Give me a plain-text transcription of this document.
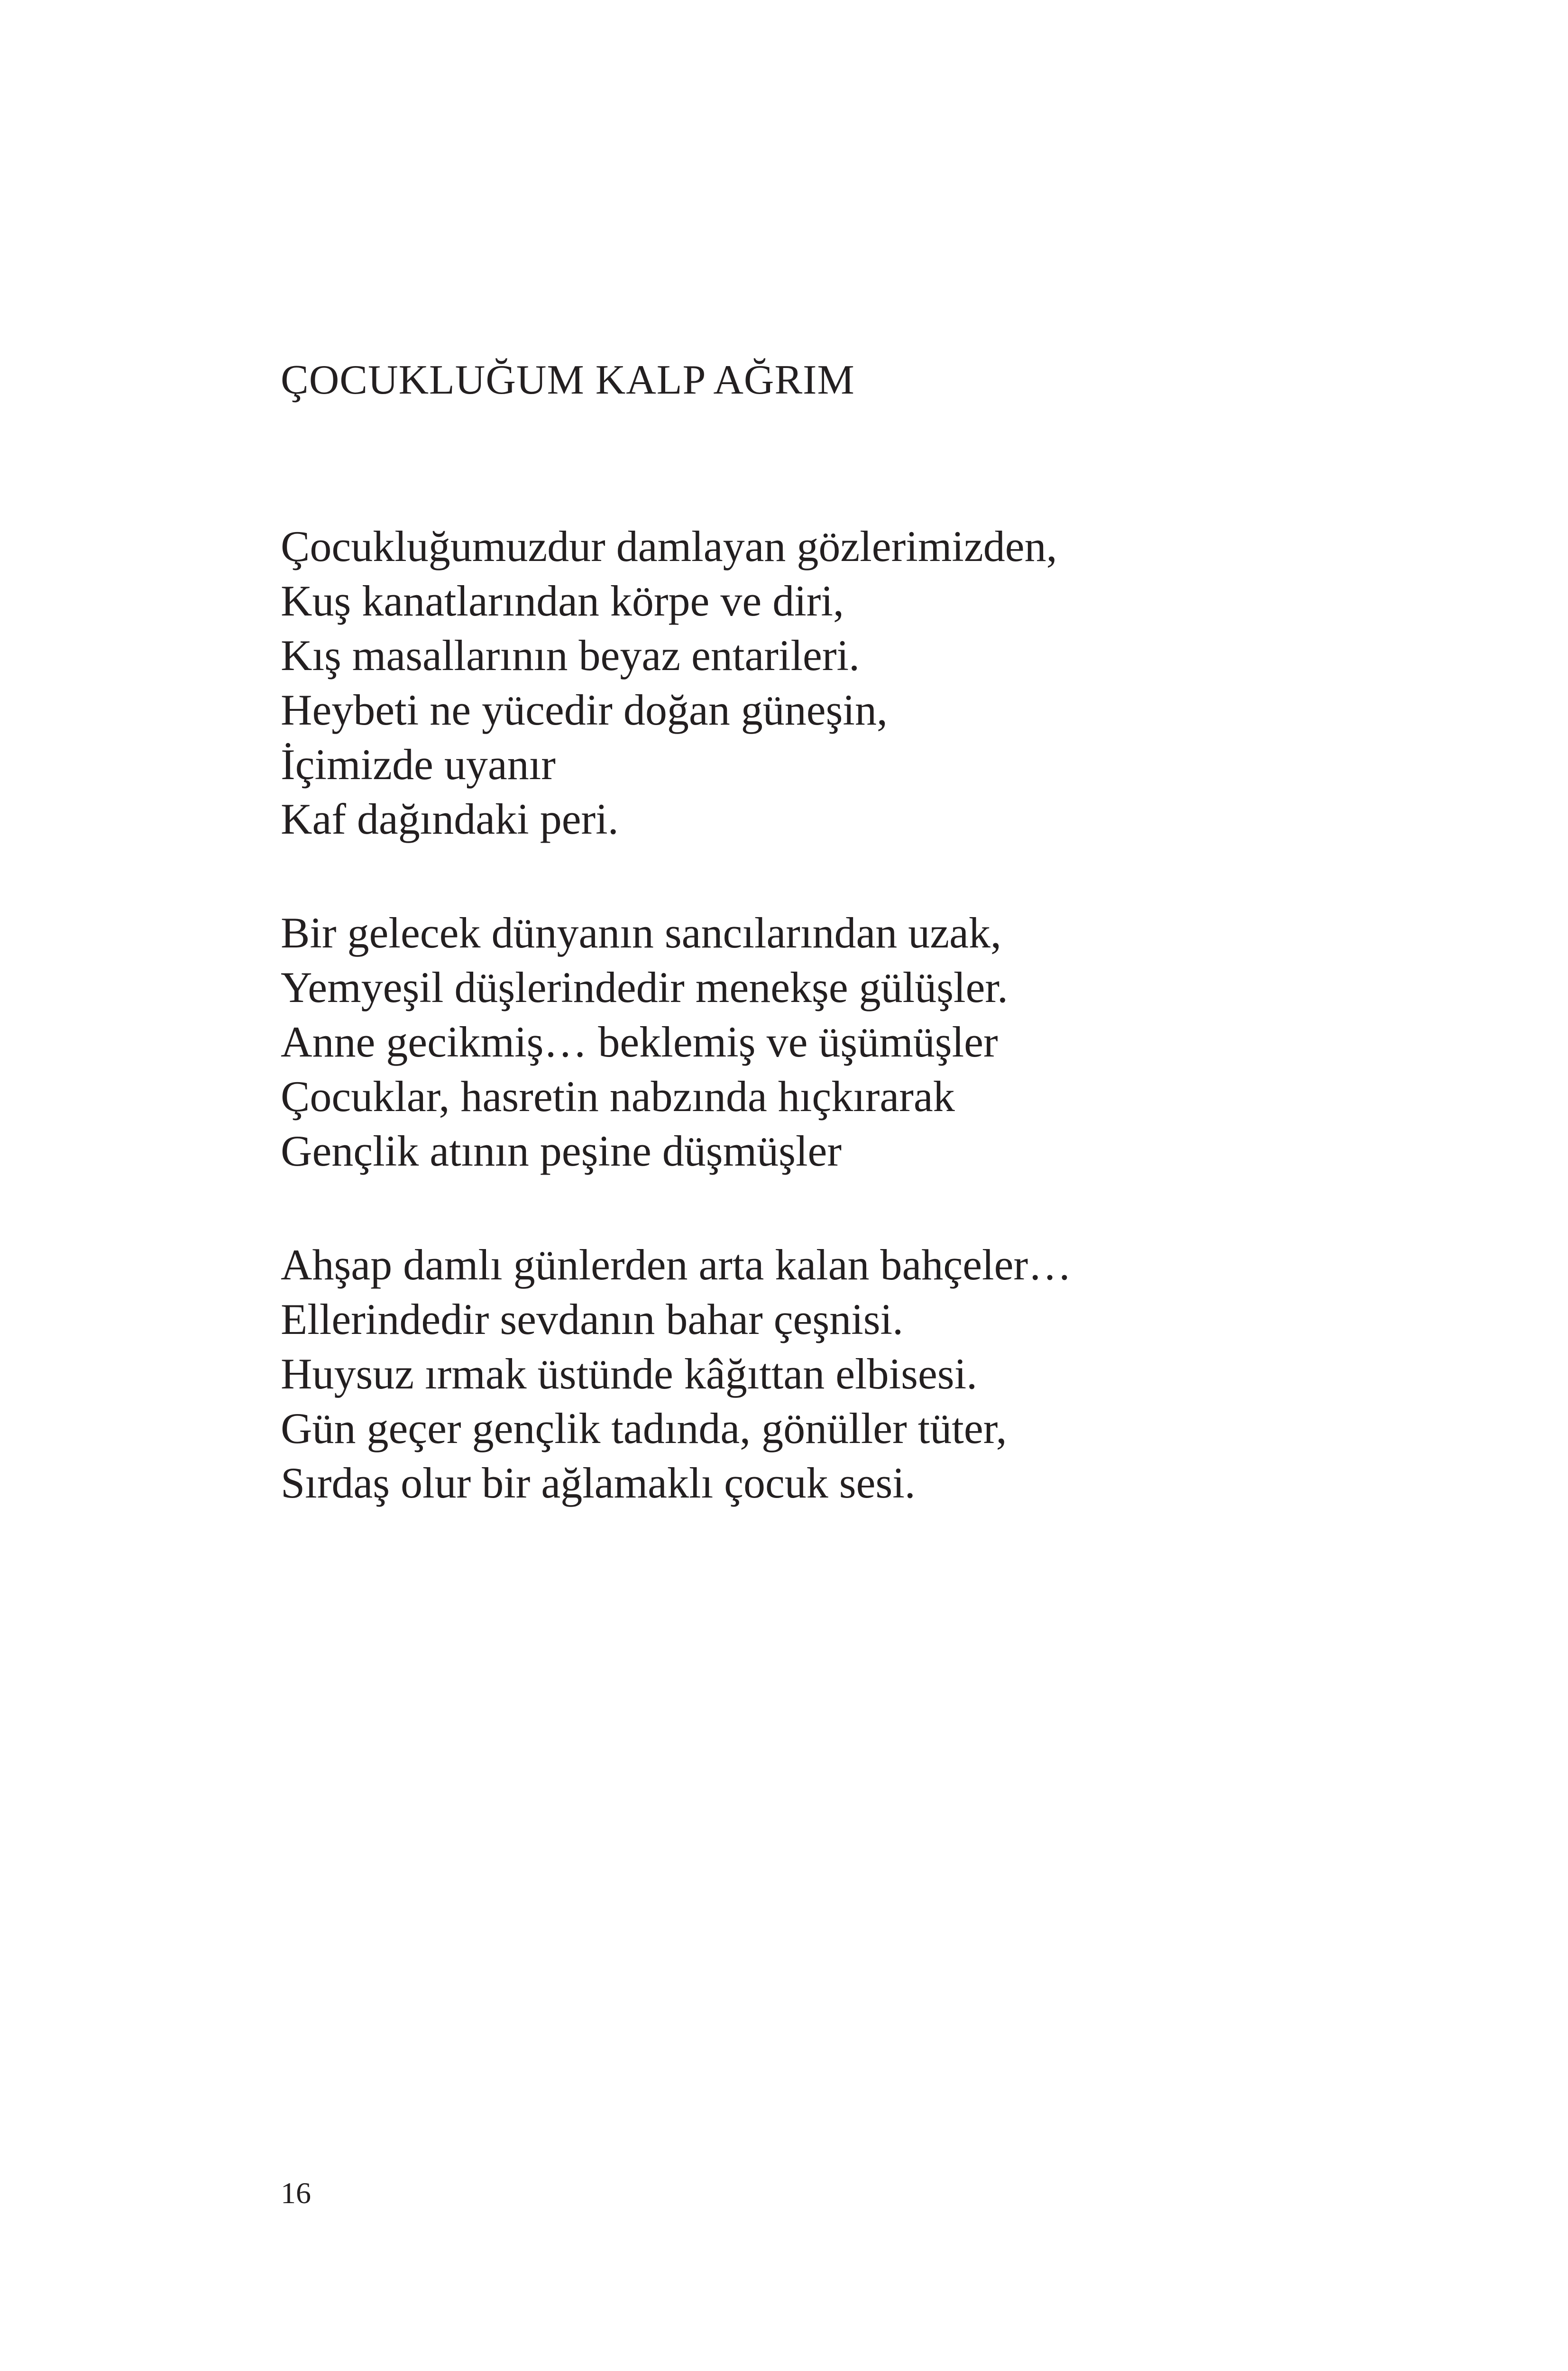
ÇOCUKLUĞUM KALP AĞRIM
Çocukluğumuzdur damlayan gözlerimizden,
Kuş kanatlarından körpe ve diri,
Kış masallarının beyaz entarileri.
Heybeti ne yücedir doğan güneşin,
İçimizde uyanır
Kaf dağındaki peri.
Bir gelecek dünyanın sancılarından uzak,
Yemyeşil düşlerindedir menekşe gülüşler.
Anne gecikmiş… beklemiş ve üşümüşler
Çocuklar, hasretin nabzında hıçkırarak
Gençlik atının peşine düşmüşler
Ahşap damlı günlerden arta kalan bahçeler…
Ellerindedir sevdanın bahar çeşnisi.
Huysuz ırmak üstünde kâğıttan elbisesi.
Gün geçer gençlik tadında, gönüller tüter,
Sırdaş olur bir ağlamaklı çocuk sesi.

16
